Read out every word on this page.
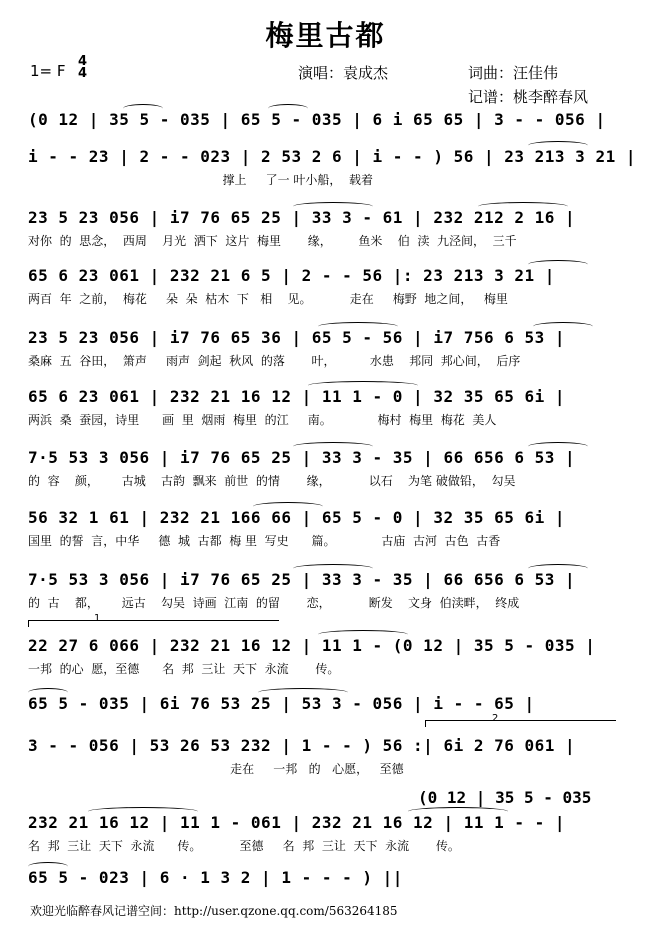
梅里古都
1= F
4
4	演唱：袁成杰	词曲：汪佳伟
记谱：桃李醉春风
(0 12 | 35 5 - 035 | 65 5 - 035 | 6 i 65 65 | 3 - - 056 |
i - - 23 | 2 - - 023 | 2 53 2 6 | i - - ) 56 | 23 213 3 21 |
撑上     了一 叶小船，  载着
23 5 23 056 | i7 76 65 25 | 33 3 - 61 | 232 212 2 16 |
对你  的  思念，  西周    月光  洒下  这片  梅里       缘，       鱼米    伯  渎  九泾间，  三千
65 6 23 061 | 232 21 6 5 | 2 - - 56 |: 23 213 3 21 |
两百  年  之前，  梅花     朵  朵  枯木  下   相    见。          走在     梅野  地之间，   梅里
23 5 23 056 | i7 76 65 36 | 65 5 - 56 | i7 756 6 53 |
桑麻  五  谷田，  箫声     雨声  剑起  秋风  的落       叶，         水患    邦同  邦心间，  后序
65 6 23 061 | 232 21 16 12 | 11 1 - 0 | 32 35 65 6i |
两浜  桑  蚕园，诗里      画  里  烟雨  梅里  的江     南。            梅村  梅里  梅花  美人
7·5 53 3 056 | i7 76 65 25 | 33 3 - 35 | 66 656 6 53 |
的  容    颜，      古城    古韵  飘来  前世  的情       缘，          以石    为笔 破做铅，  勾吴
56 32 1 61 | 232 21 166 66 | 65 5 - 0 | 32 35 65 6i |
国里  的誓  言，中华     德  城  古都  梅 里  写史      篇。            古庙  古河  古色  古香
7·5 53 3 056 | i7 76 65 25 | 33 3 - 35 | 66 656 6 53 |
的  古    都，      远古    勾吴  诗画  江南  的留       恋，          断发    文身  伯渎畔，  终成
1
22 27 6 066 | 232 21 16 12 | 11 1 - (0 12 | 35 5 - 035 |
一邦  的心  愿，至德      名  邦  三让  天下  永流       传。
65 5 - 035 | 6i 76 53 25 | 53 3 - 056 | i - - 65 |
2
3 - - 056 | 53 26 53 232 | 1 - - ) 56 :| 6i 2 76 061 |
走在     一邦   的   心愿，   至德
(0 12 | 35 5 - 035
232 21 16 12 | 11 1 - 061 | 232 21 16 12 | 11 1 - - |
名  邦  三让  天下  永流      传。          至德     名  邦  三让  天下  永流       传。
65 5 - 023 | 6 · 1 3 2 | 1 - - - ) ||
欢迎光临醉春风记谱空间：http://user.qzone.qq.com/563264185
